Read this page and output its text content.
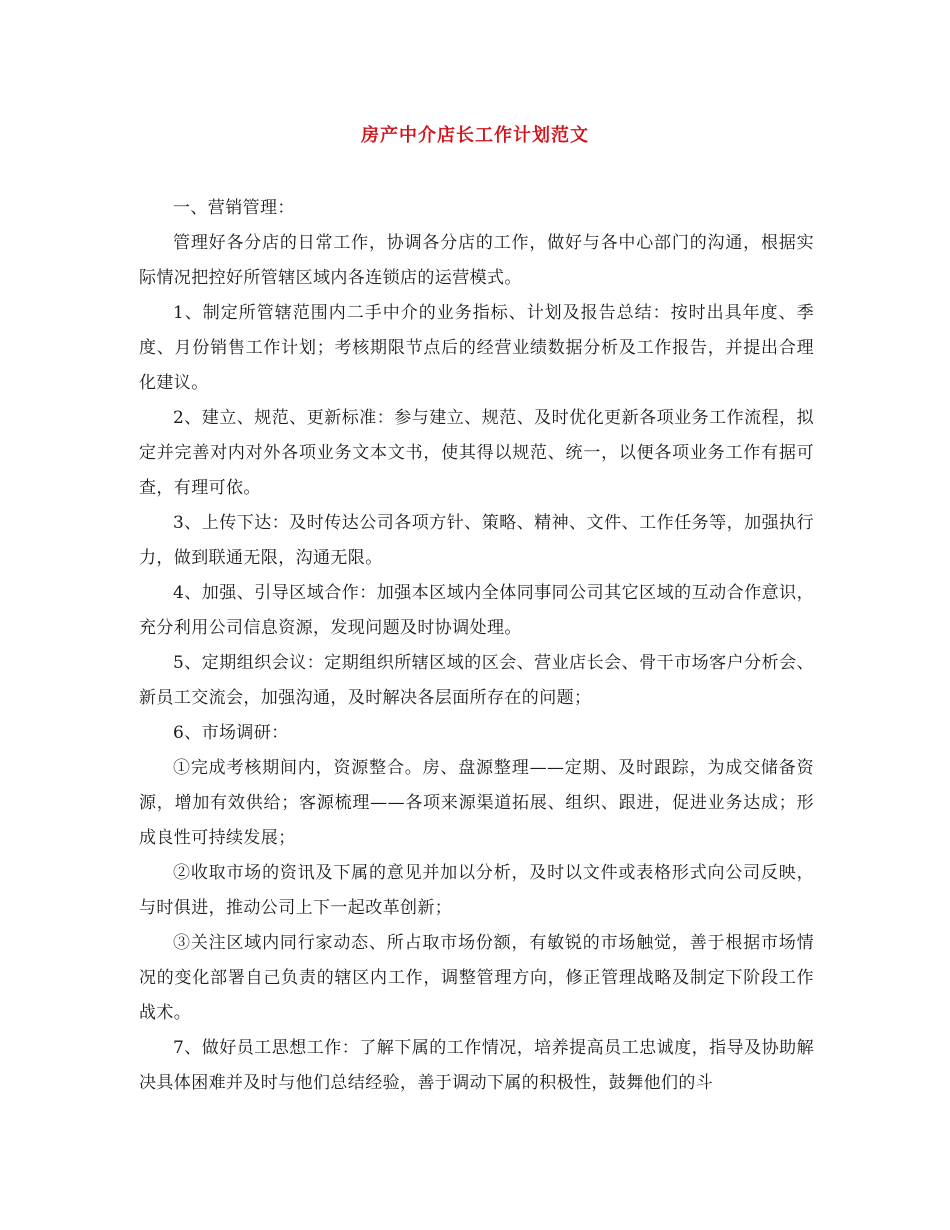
房产中介店长工作计划范文

一、营销管理：

管理好各分店的日常工作，协调各分店的工作，做好与各中心部门的沟通，根据实际情况把控好所管辖区域内各连锁店的运营模式。

1、制定所管辖范围内二手中介的业务指标、计划及报告总结：按时出具年度、季度、月份销售工作计划；考核期限节点后的经营业绩数据分析及工作报告，并提出合理化建议。

2、建立、规范、更新标准：参与建立、规范、及时优化更新各项业务工作流程，拟定并完善对内对外各项业务文本文书，使其得以规范、统一，以便各项业务工作有据可查，有理可依。

3、上传下达：及时传达公司各项方针、策略、精神、文件、工作任务等，加强执行力，做到联通无限，沟通无限。

4、加强、引导区域合作：加强本区域内全体同事同公司其它区域的互动合作意识，充分利用公司信息资源，发现问题及时协调处理。

5、定期组织会议：定期组织所辖区域的区会、营业店长会、骨干市场客户分析会、新员工交流会，加强沟通，及时解决各层面所存在的问题；

6、市场调研：

①完成考核期间内，资源整合。房、盘源整理——定期、及时跟踪，为成交储备资源，增加有效供给；客源梳理——各项来源渠道拓展、组织、跟进，促进业务达成；形成良性可持续发展；

②收取市场的资讯及下属的意见并加以分析，及时以文件或表格形式向公司反映，与时俱进，推动公司上下一起改革创新；

③关注区域内同行家动态、所占取市场份额，有敏锐的市场触觉，善于根据市场情况的变化部署自己负责的辖区内工作，调整管理方向，修正管理战略及制定下阶段工作战术。

7、做好员工思想工作：了解下属的工作情况，培养提高员工忠诚度，指导及协助解决具体困难并及时与他们总结经验，善于调动下属的积极性，鼓舞他们的斗
